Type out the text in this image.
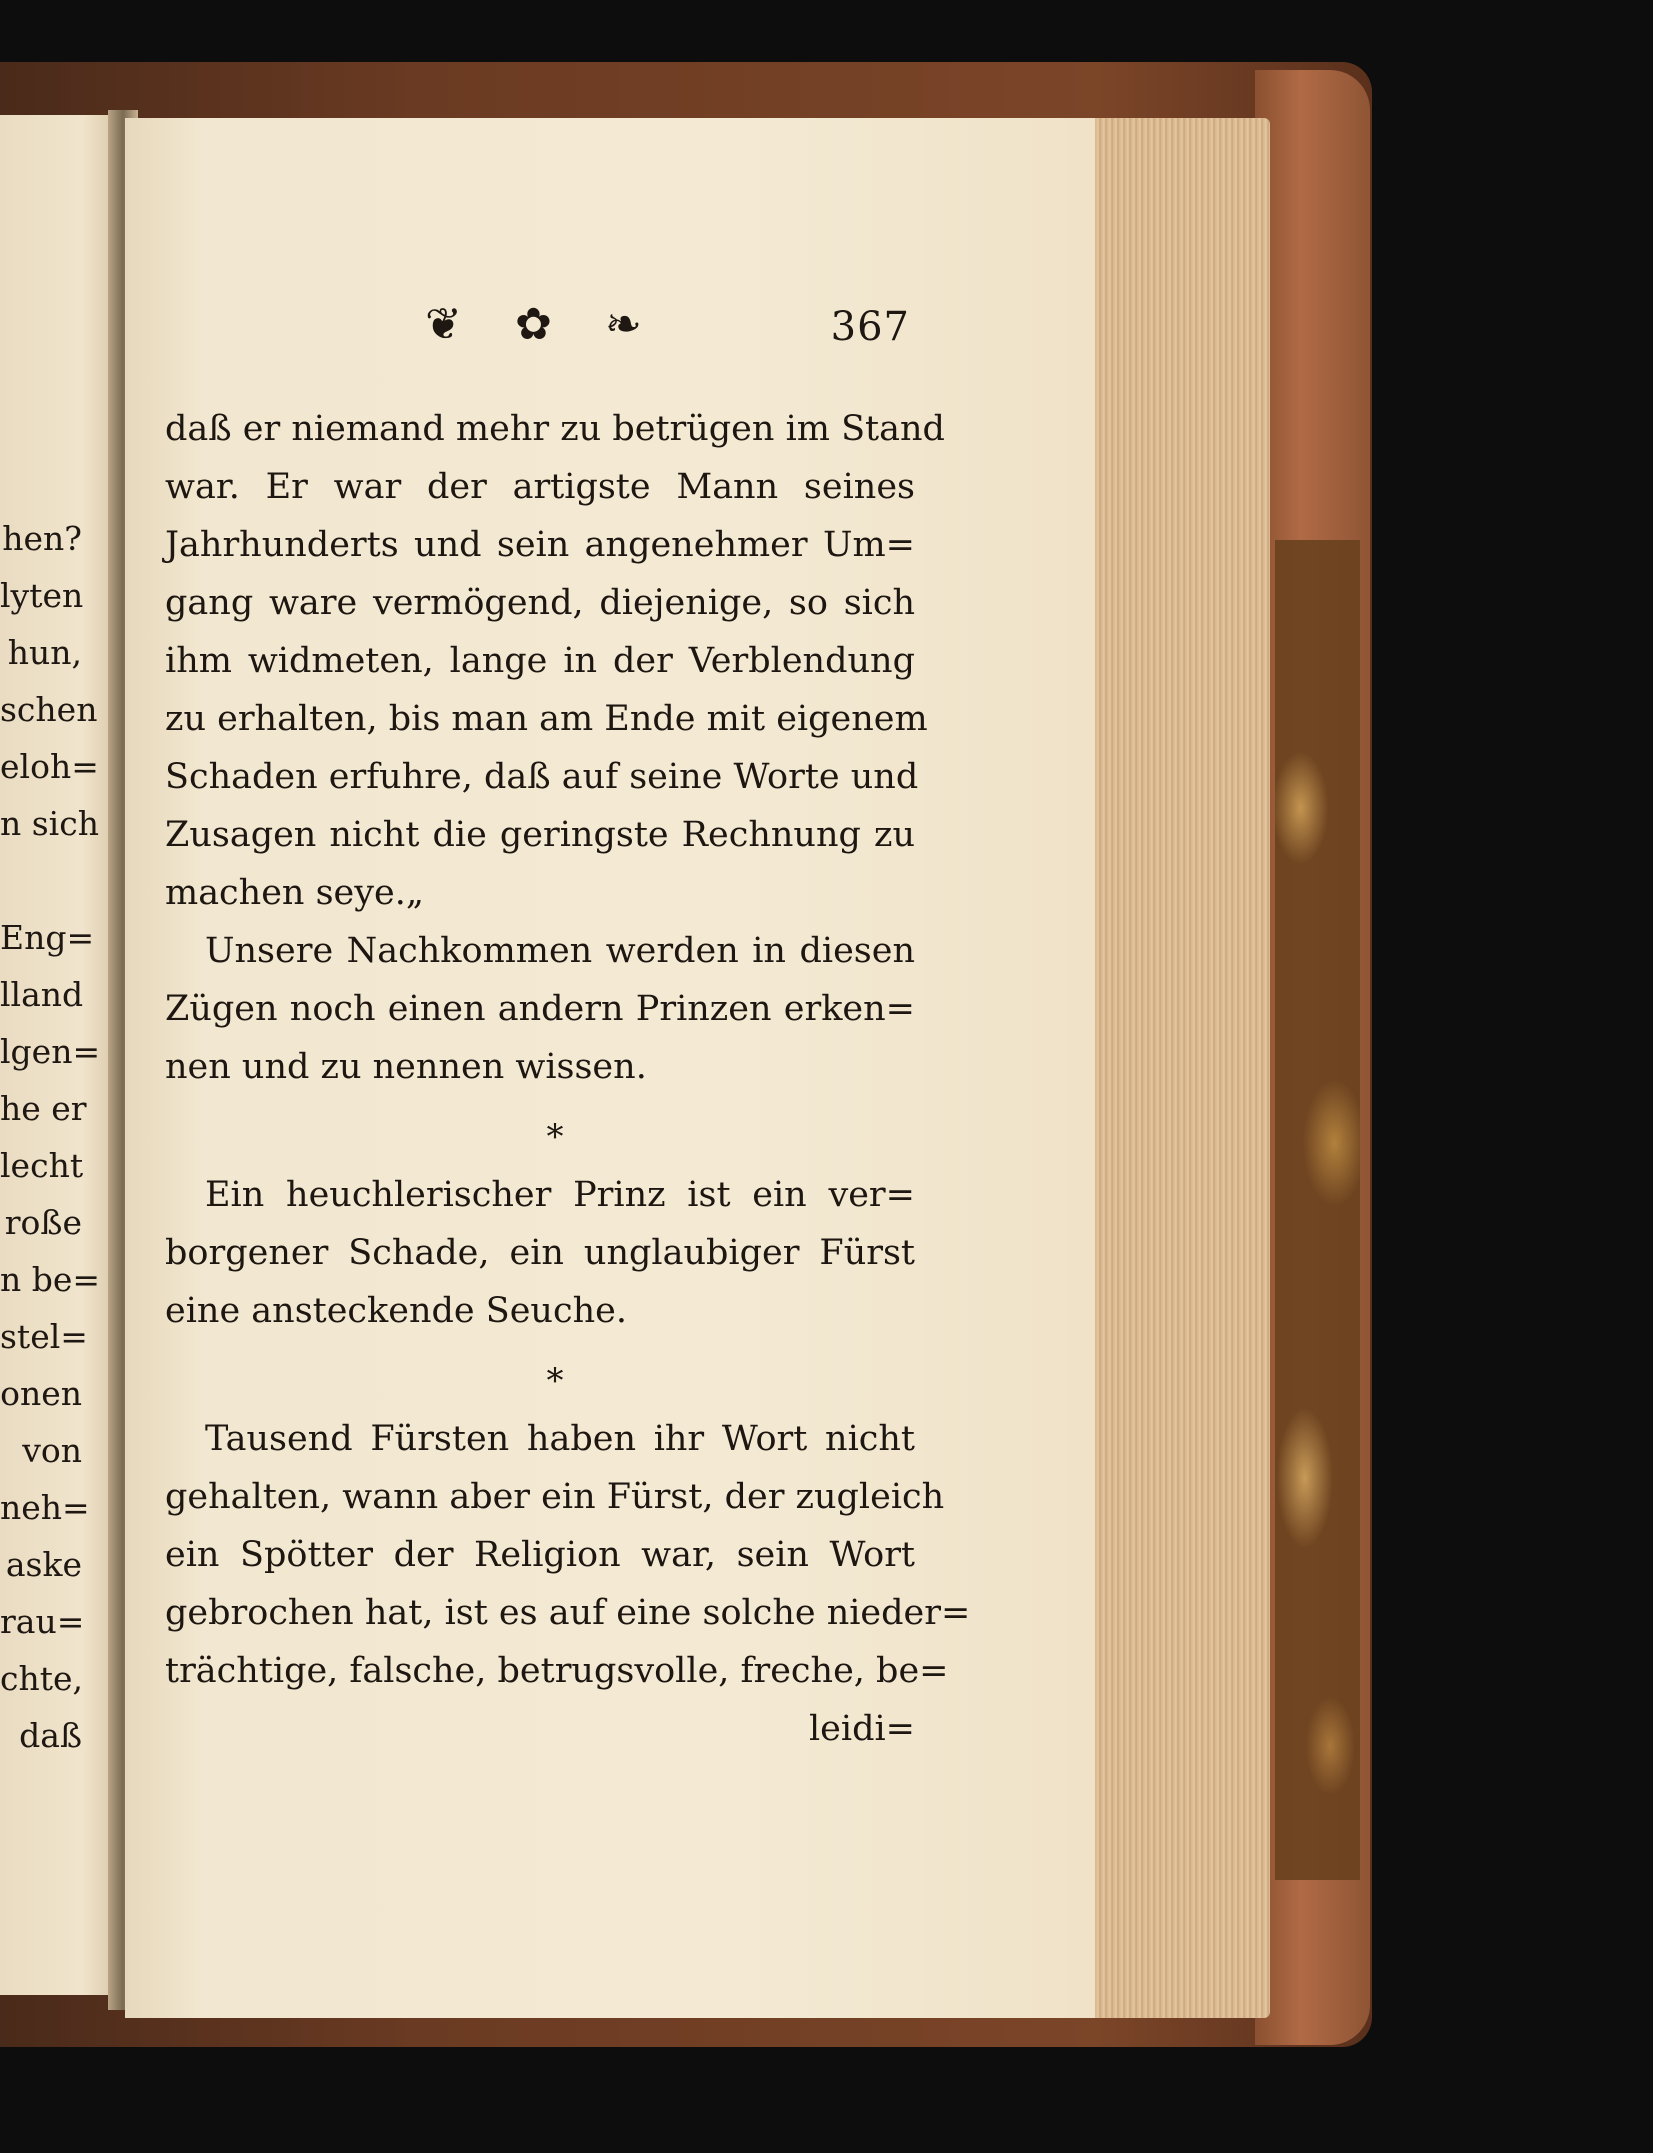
hen?
lyten
hun,
schen
eloh=
n sich
Eng=
lland
lgen=
he er
lecht
roße
n be=
stel=
onen
von
neh=
aske
rau=
chte,
daß
❦ ✿ ❧	367
daß er niemand mehr zu betrügen im Stand
war. Er war der artigste Mann seines
Jahrhunderts und sein angenehmer Um=
gang ware vermögend, diejenige, so sich
ihm widmeten, lange in der Verblendung
zu erhalten, bis man am Ende mit eigenem
Schaden erfuhre, daß auf seine Worte und
Zusagen nicht die geringste Rechnung zu
machen seye.„
Unsere Nachkommen werden in diesen
Zügen noch einen andern Prinzen erken=
nen und zu nennen wissen.
*
Ein heuchlerischer Prinz ist ein ver=
borgener Schade, ein unglaubiger Fürst
eine ansteckende Seuche.
*
Tausend Fürsten haben ihr Wort nicht
gehalten, wann aber ein Fürst, der zugleich
ein Spötter der Religion war, sein Wort
gebrochen hat, ist es auf eine solche nieder=
trächtige, falsche, betrugsvolle, freche, be=
leidi=
